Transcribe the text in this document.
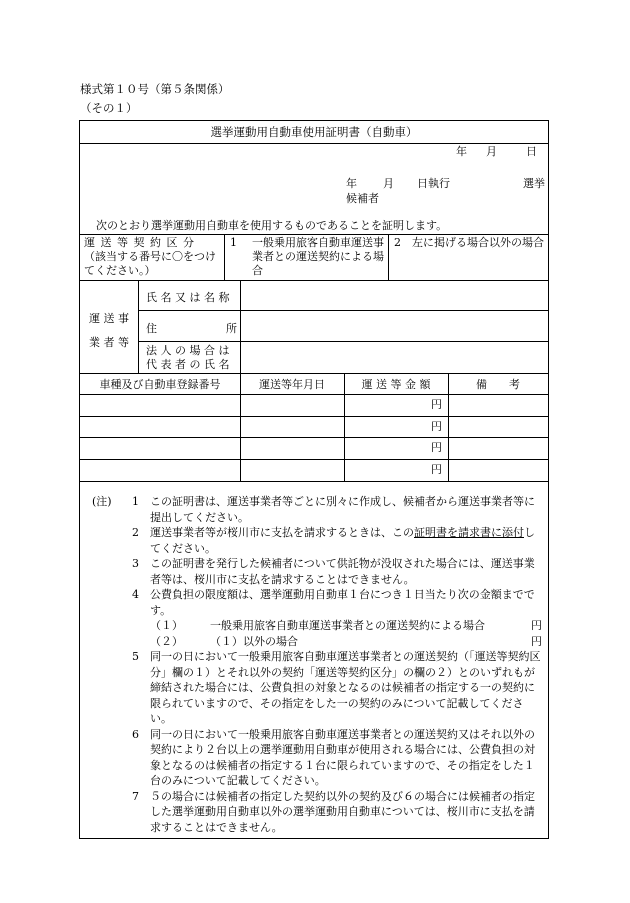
様式第１０号（第５条関係）
（その１）
選挙運動用自動車使用証明書（自動車）
年 月	日
年 月 日執行	選挙
候補者
次のとおり選挙運動用自動車を使用するものであることを証明します。
運 送 等 契 約 区 分
（該当する番号に〇をつけてください。）
1	一般乗用旅客自動車運送事業者との運送契約による場合
2	左に掲げる場合以外の場合
運 送 事 業 者 等
氏 名 又 は 名 称
住	所
法 人 の 場 合 は 代 表 者 の 氏 名
車種及び自動車登録番号	運送等年月日	運 送 等 金 額	備　　考
円
円
円
円
(注) 1 この証明書は、運送事業者等ごとに別々に作成し、候補者から運送事業者等に提出してください。
2 運送事業者等が桜川市に支払を請求するときは、この証明書を請求書に添付してください。
3 この証明書を発行した候補者について供託物が没収された場合には、運送事業者等は、桜川市に支払を請求することはできません。
4 公費負担の限度額は、選挙運動用自動車１台につき１日当たり次の金額までです。
（１） 一般乗用旅客自動車運送事業者との運送契約による場合	円
（２） （１）以外の場合	円
5 同一の日において一般乗用旅客自動車運送事業者との運送契約（「運送等契約区分」欄の１）とそれ以外の契約「運送等契約区分」の欄の２）とのいずれもが締結された場合には、公費負担の対象となるのは候補者の指定する一の契約に限られていますので、その指定をした一の契約のみについて記載してください。
6 同一の日において一般乗用旅客自動車運送事業者との運送契約又はそれ以外の契約により２台以上の選挙運動用自動車が使用される場合には、公費負担の対象となるのは候補者の指定する１台に限られていますので、その指定をした１台のみについて記載してください。
7 ５の場合には候補者の指定した契約以外の契約及び６の場合には候補者の指定した選挙運動用自動車以外の選挙運動用自動車については、桜川市に支払を請求することはできません。
